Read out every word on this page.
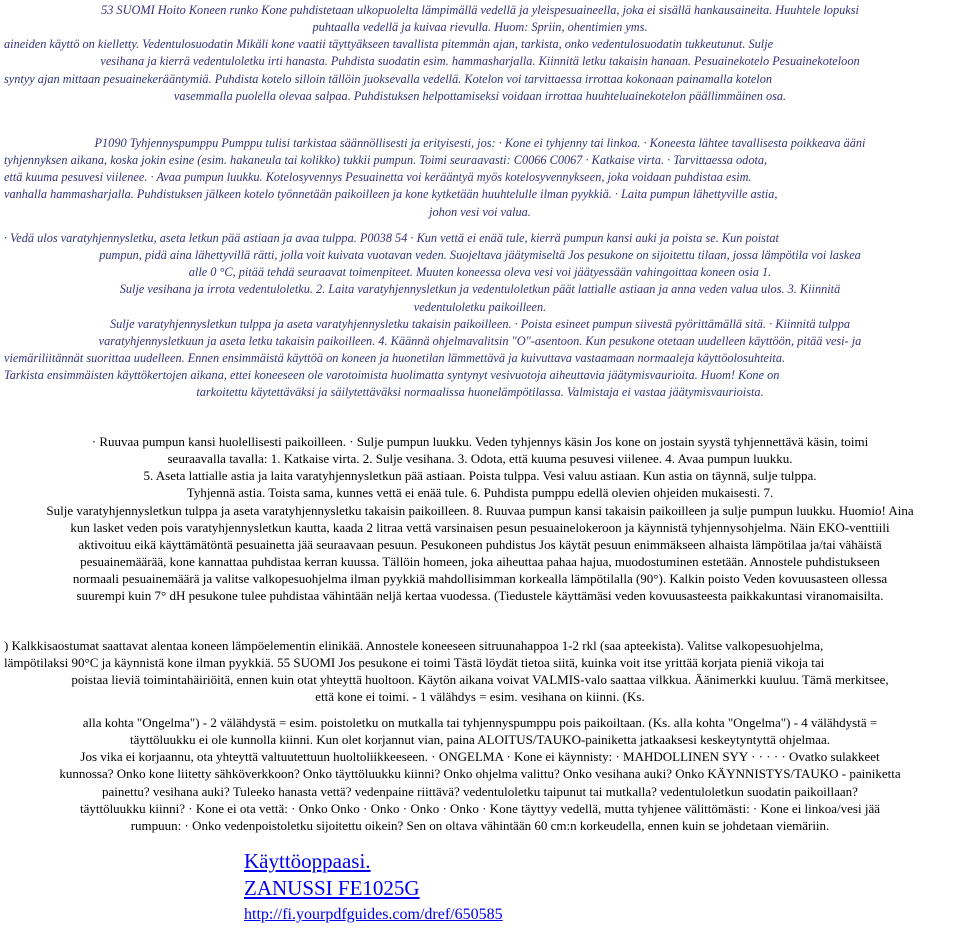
53 SUOMI Hoito Koneen runko Kone puhdistetaan ulkopuolelta lämpimällä vedellä ja yleispesuaineella, joka ei sisällä hankausaineita. Huuhtele lopuksi
puhtaalla vedellä ja kuivaa rievulla. Huom: Spriin, ohentimien yms.
aineiden käyttö on kielletty. Vedentulosuodatin Mikäli kone vaatii täyttyäkseen tavallista pitemmän ajan, tarkista, onko vedentulosuodatin tukkeutunut. Sulje
vesihana ja kierrä vedentuloletku irti hanasta. Puhdista suodatin esim. hammasharjalla. Kiinnitä letku takaisin hanaan. Pesuainekotelo Pesuainekoteloon
syntyy ajan mittaan pesuainekerääntymiä. Puhdista kotelo silloin tällöin juoksevalla vedellä. Kotelon voi tarvittaessa irrottaa kokonaan painamalla kotelon
vasemmalla puolella olevaa salpaa. Puhdistuksen helpottamiseksi voidaan irrottaa huuhteluainekotelon päällimmäinen osa.
P1090 Tyhjennyspumppu Pumppu tulisi tarkistaa säännöllisesti ja erityisesti, jos: · Kone ei tyhjenny tai linkoa. · Koneesta lähtee tavallisesta poikkeava ääni
tyhjennyksen aikana, koska jokin esine (esim. hakaneula tai kolikko) tukkii pumpun. Toimi seuraavasti: C0066 C0067 · Katkaise virta. · Tarvittaessa odota,
että kuuma pesuvesi viilenee. · Avaa pumpun luukku. Kotelosyvennys Pesuainetta voi kerääntyä myös kotelosyvennykseen, joka voidaan puhdistaa esim.
vanhalla hammasharjalla. Puhdistuksen jälkeen kotelo työnnetään paikoilleen ja kone kytketään huuhtelulle ilman pyykkiä. · Laita pumpun lähettyville astia,
johon vesi voi valua.
· Vedä ulos varatyhjennysletku, aseta letkun pää astiaan ja avaa tulppa. P0038 54 · Kun vettä ei enää tule, kierrä pumpun kansi auki ja poista se. Kun poistat
pumpun, pidä aina lähettyvillä rätti, jolla voit kuivata vuotavan veden. Suojeltava jäätymiseltä Jos pesukone on sijoitettu tilaan, jossa lämpötila voi laskea
alle 0 °C, pitää tehdä seuraavat toimenpiteet. Muuten koneessa oleva vesi voi jäätyessään vahingoittaa koneen osia 1.
Sulje vesihana ja irrota vedentuloletku. 2. Laita varatyhjennysletkun ja vedentuloletkun päät lattialle astiaan ja anna veden valua ulos. 3. Kiinnitä
vedentuloletku paikoilleen.
Sulje varatyhjennysletkun tulppa ja aseta varatyhjennysletku takaisin paikoilleen. · Poista esineet pumpun siivestä pyörittämällä sitä. · Kiinnitä tulppa
varatyhjennysletkuun ja aseta letku takaisin paikoilleen. 4. Käännä ohjelmavalitsin "O"-asentoon. Kun pesukone otetaan uudelleen käyttöön, pitää vesi- ja
viemäriliitännät suorittaa uudelleen. Ennen ensimmäistä käyttöä on koneen ja huonetilan lämmettävä ja kuivuttava vastaamaan normaaleja käyttöolosuhteita.
Tarkista ensimmäisten käyttökertojen aikana, ettei koneeseen ole varotoimista huolimatta syntynyt vesivuotoja aiheuttavia jäätymisvaurioita. Huom! Kone on
tarkoitettu käytettäväksi ja säilytettäväksi normaalissa huonelämpötilassa. Valmistaja ei vastaa jäätymisvaurioista.
· Ruuvaa pumpun kansi huolellisesti paikoilleen. · Sulje pumpun luukku. Veden tyhjennys käsin Jos kone on jostain syystä tyhjennettävä käsin, toimi
seuraavalla tavalla: 1. Katkaise virta. 2. Sulje vesihana. 3. Odota, että kuuma pesuvesi viilenee. 4. Avaa pumpun luukku.
5. Aseta lattialle astia ja laita varatyhjennysletkun pää astiaan. Poista tulppa. Vesi valuu astiaan. Kun astia on täynnä, sulje tulppa.
Tyhjennä astia. Toista sama, kunnes vettä ei enää tule. 6. Puhdista pumppu edellä olevien ohjeiden mukaisesti. 7.
Sulje varatyhjennysletkun tulppa ja aseta varatyhjennysletku takaisin paikoilleen. 8. Ruuvaa pumpun kansi takaisin paikoilleen ja sulje pumpun luukku. Huomio! Aina
kun lasket veden pois varatyhjennysletkun kautta, kaada 2 litraa vettä varsinaisen pesun pesuainelokeroon ja käynnistä tyhjennysohjelma. Näin EKO-venttiili
aktivoituu eikä käyttämätöntä pesuainetta jää seuraavaan pesuun. Pesukoneen puhdistus Jos käytät pesuun enimmäkseen alhaista lämpötilaa ja/tai vähäistä
pesuainemäärää, kone kannattaa puhdistaa kerran kuussa. Tällöin homeen, joka aiheuttaa pahaa hajua, muodostuminen estetään. Annostele puhdistukseen
normaali pesuainemäärä ja valitse valkopesuohjelma ilman pyykkiä mahdollisimman korkealla lämpötilalla (90°). Kalkin poisto Veden kovuusasteen ollessa
suurempi kuin 7° dH pesukone tulee puhdistaa vähintään neljä kertaa vuodessa. (Tiedustele käyttämäsi veden kovuusasteesta paikkakuntasi viranomaisilta.
) Kalkkisaostumat saattavat alentaa koneen lämpöelementin elinikää. Annostele koneeseen sitruunahappoa 1-2 rkl (saa apteekista). Valitse valkopesuohjelma,
lämpötilaksi 90°C ja käynnistä kone ilman pyykkiä. 55 SUOMI Jos pesukone ei toimi Tästä löydät tietoa siitä, kuinka voit itse yrittää korjata pieniä vikoja tai
poistaa lieviä toimintahäiriöitä, ennen kuin otat yhteyttä huoltoon. Käytön aikana voivat VALMIS-valo saattaa vilkkua. Äänimerkki kuuluu. Tämä merkitsee,
että kone ei toimi. - 1 välähdys = esim. vesihana on kiinni. (Ks.
alla kohta "Ongelma") - 2 välähdystä = esim. poistoletku on mutkalla tai tyhjennyspumppu pois paikoiltaan. (Ks. alla kohta "Ongelma") - 4 välähdystä =
täyttöluukku ei ole kunnolla kiinni. Kun olet korjannut vian, paina ALOITUS/TAUKO-painiketta jatkaaksesi keskeytyntyttä ohjelmaa.
Jos vika ei korjaannu, ota yhteyttä valtuutettuun huoltoliikkeeseen. · ONGELMA · Kone ei käynnisty: · MAHDOLLINEN SYY · · · · · Ovatko sulakkeet
kunnossa? Onko kone liitetty sähköverkkoon? Onko täyttöluukku kiinni? Onko ohjelma valittu? Onko vesihana auki? Onko KÄYNNISTYS/TAUKO - painiketta
painettu? vesihana auki? Tuleeko hanasta vettä? vedenpaine riittävä? vedentuloletku taipunut tai mutkalla? vedentuloletkun suodatin paikoillaan?
täyttöluukku kiinni? · Kone ei ota vettä: · Onko Onko · Onko · Onko · Onko · Kone täyttyy vedellä, mutta tyhjenee välittömästi: · Kone ei linkoa/vesi jää
rumpuun: · Onko vedenpoistoletku sijoitettu oikein? Sen on oltava vähintään 60 cm:n korkeudella, ennen kuin se johdetaan viemäriin.
Käyttöoppaasi.
ZANUSSI FE1025G
http://fi.yourpdfguides.com/dref/650585
